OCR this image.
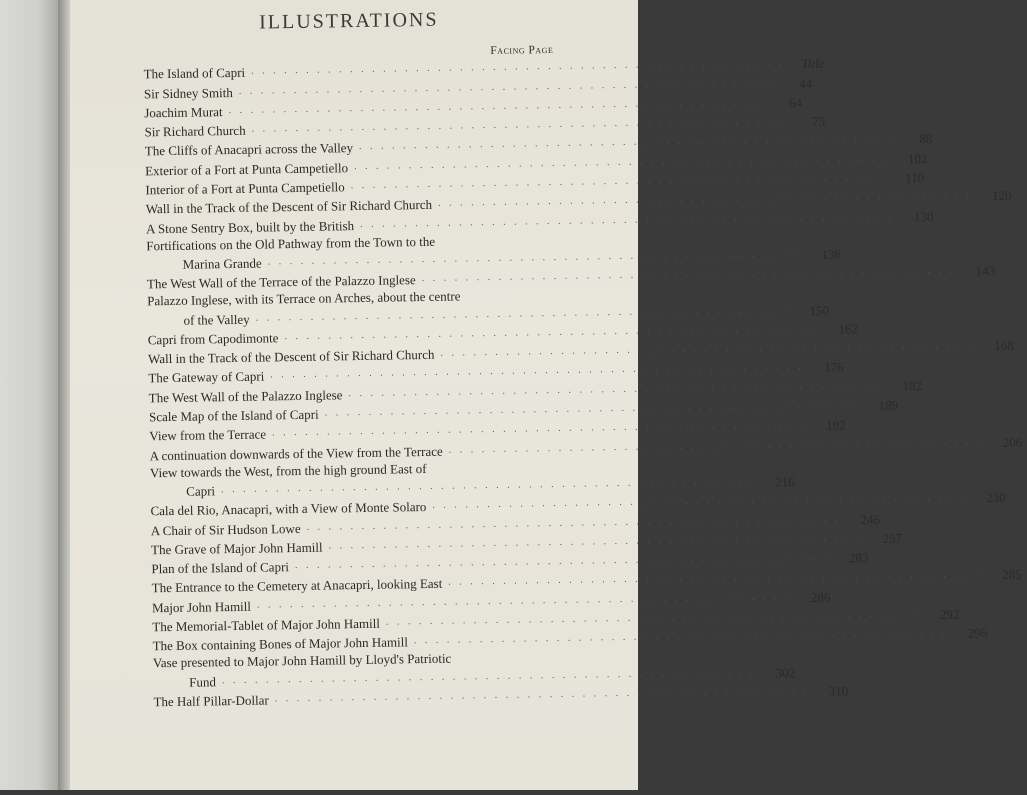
ILLUSTRATIONS
Facing Page
The Island of Capri . . . . . . . . . . . . . . . . . . . . . . . . . . . . . . . . . . . . . . . . . . . . . . . . .	Title
Sir Sidney Smith . . . . . . . . . . . . . . . . . . . . . . . . . . . . . . . . . . . . . . . . . . . . . . . . .	44
Joachim Murat . . . . . . . . . . . . . . . . . . . . . . . . . . . . . . . . . . . . . . . . . . . . . . . . .	64
Sir Richard Church . . . . . . . . . . . . . . . . . . . . . . . . . . . . . . . . . . . . . . . . . . . . . . . . .	75
The Cliffs of Anacapri across the Valley . . . . . . . . . . . . . . . . . . . . . . . . . . . . . . . . . . . . . . . . . . . . . . . . .	88
Exterior of a Fort at Punta Campetiello . . . . . . . . . . . . . . . . . . . . . . . . . . . . . . . . . . . . . . . . . . . . . . . . .	102
Interior of a Fort at Punta Campetiello . . . . . . . . . . . . . . . . . . . . . . . . . . . . . . . . . . . . . . . . . . . . . . . . .	110
Wall in the Track of the Descent of Sir Richard Church . . . . . . . . . . . . . . . . . . . . . . . . . . . . . . . . . . . . . . . . . . . . . . . . .	120
A Stone Sentry Box, built by the British . . . . . . . . . . . . . . . . . . . . . . . . . . . . . . . . . . . . . . . . . . . . . . . . .	130
Fortifications on the Old Pathway from the Town to the
Marina Grande . . . . . . . . . . . . . . . . . . . . . . . . . . . . . . . . . . . . . . . . . . . . . . . . .	136
The West Wall of the Terrace of the Palazzo Inglese . . . . . . . . . . . . . . . . . . . . . . . . . . . . . . . . . . . . . . . . . . . . . . . . .	143
Palazzo Inglese, with its Terrace on Arches, about the centre
of the Valley . . . . . . . . . . . . . . . . . . . . . . . . . . . . . . . . . . . . . . . . . . . . . . . . .	150
Capri from Capodimonte . . . . . . . . . . . . . . . . . . . . . . . . . . . . . . . . . . . . . . . . . . . . . . . . .	162
Wall in the Track of the Descent of Sir Richard Church . . . . . . . . . . . . . . . . . . . . . . . . . . . . . . . . . . . . . . . . . . . . . . . . .	168
The Gateway of Capri . . . . . . . . . . . . . . . . . . . . . . . . . . . . . . . . . . . . . . . . . . . . . . . . .	176
The West Wall of the Palazzo Inglese . . . . . . . . . . . . . . . . . . . . . . . . . . . . . . . . . . . . . . . . . . . . . . . . .	182
Scale Map of the Island of Capri . . . . . . . . . . . . . . . . . . . . . . . . . . . . . . . . . . . . . . . . . . . . . . . . .	189
View from the Terrace . . . . . . . . . . . . . . . . . . . . . . . . . . . . . . . . . . . . . . . . . . . . . . . . .	192
A continuation downwards of the View from the Terrace . . . . . . . . . . . . . . . . . . . . . . . . . . . . . . . . . . . . . . . . . . . . . . . . .	206
View towards the West, from the high ground East of
Capri . . . . . . . . . . . . . . . . . . . . . . . . . . . . . . . . . . . . . . . . . . . . . . . . .	216
Cala del Rio, Anacapri, with a View of Monte Solaro . . . . . . . . . . . . . . . . . . . . . . . . . . . . . . . . . . . . . . . . . . . . . . . . .	230
A Chair of Sir Hudson Lowe . . . . . . . . . . . . . . . . . . . . . . . . . . . . . . . . . . . . . . . . . . . . . . . . .	246
The Grave of Major John Hamill . . . . . . . . . . . . . . . . . . . . . . . . . . . . . . . . . . . . . . . . . . . . . . . . .	257
Plan of the Island of Capri . . . . . . . . . . . . . . . . . . . . . . . . . . . . . . . . . . . . . . . . . . . . . . . . .	283
The Entrance to the Cemetery at Anacapri, looking East . . . . . . . . . . . . . . . . . . . . . . . . . . . . . . . . . . . . . . . . . . . . . . . . .	285
Major John Hamill . . . . . . . . . . . . . . . . . . . . . . . . . . . . . . . . . . . . . . . . . . . . . . . . .	286
The Memorial-Tablet of Major John Hamill . . . . . . . . . . . . . . . . . . . . . . . . . . . . . . . . . . . . . . . . . . . . . . . . .	292
The Box containing Bones of Major John Hamill . . . . . . . . . . . . . . . . . . . . . . . . . . . . . . . . . . . . . . . . . . . . . . . . .	296
Vase presented to Major John Hamill by Lloyd's Patriotic
Fund . . . . . . . . . . . . . . . . . . . . . . . . . . . . . . . . . . . . . . . . . . . . . . . . .	302
The Half Pillar-Dollar . . . . . . . . . . . . . . . . . . . . . . . . . . . . . . . . . . . . . . . . . . . . . . . . .	310
